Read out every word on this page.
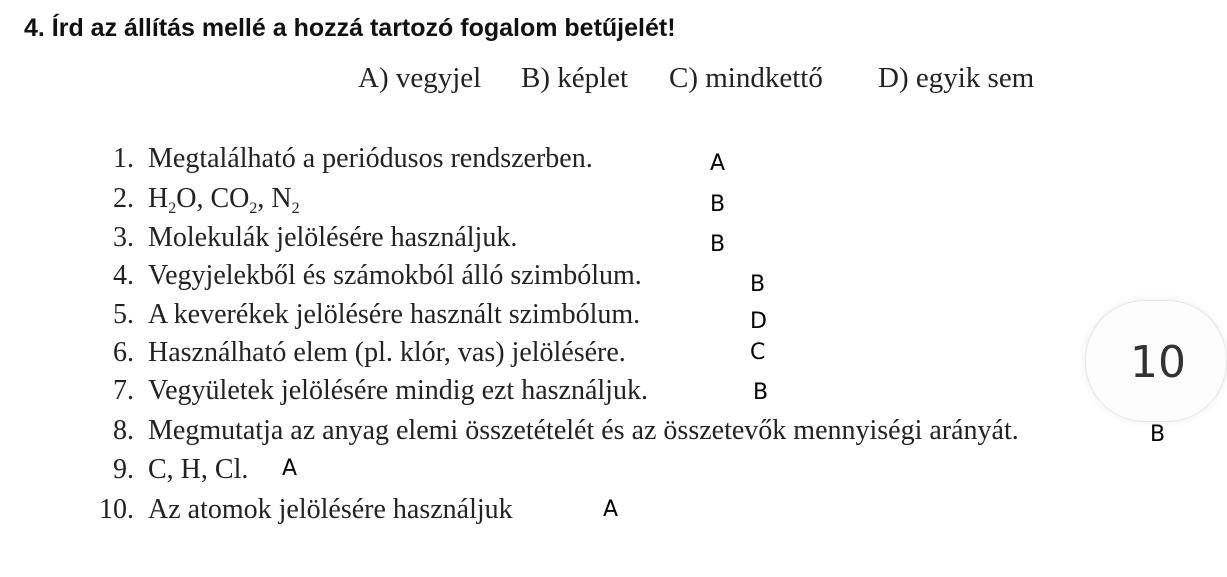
4. Írd az állítás mellé a hozzá tartozó fogalom betűjelét!
A) vegyjel B) képlet C) mindkettő D) egyik sem
1. Megtalálható a periódusos rendszerben.	A
2. $H_2O$, $CO_2$, $N_2$	B
3. Molekulák jelölésére használjuk.	B
4. Vegyjelekből és számokból álló szimbólum.	B
5. A keverékek jelölésére használt szimbólum.	D
6. Használható elem (pl. klór, vas) jelölésére.	C
7. Vegyületek jelölésére mindig ezt használjuk.	B
8. Megmutatja az anyag elemi összetételét és az összetevők mennyiségi arányát.	B
9. C, H, Cl. A
10. Az atomok jelölésére használjuk	A
10
